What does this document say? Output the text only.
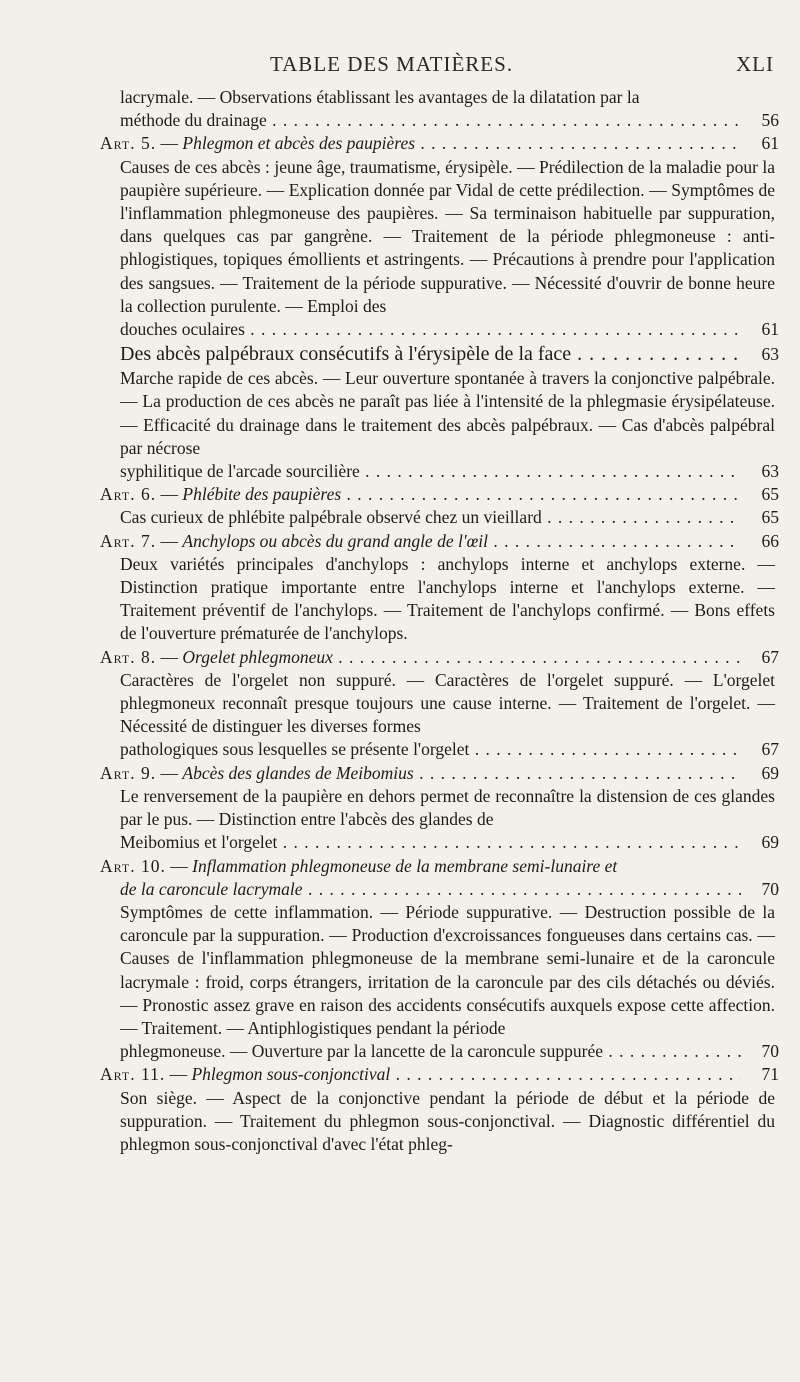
TABLE DES MATIÈRES.	XLI
lacrymale. — Observations établissant les avantages de la dilatation par la
méthode du drainage . . .	56
Art. 5. — Phlegmon et abcès des paupières . . .	61
Causes de ces abcès : jeune âge, traumatisme, érysipèle. — Prédilection de la maladie pour la paupière supérieure. — Explication donnée par Vidal de cette prédilection. — Symptômes de l'inflammation phlegmoneuse des paupières. — Sa terminaison habituelle par suppuration, dans quelques cas par gangrène. — Traitement de la période phlegmoneuse : anti-phlogistiques, topiques émollients et astringents. — Précautions à prendre pour l'application des sangsues. — Traitement de la période suppurative. — Nécessité d'ouvrir de bonne heure la collection purulente. — Emploi des
douches oculaires . . .	61
Des abcès palpébraux consécutifs à l'érysipèle de la face . . .	63
Marche rapide de ces abcès. — Leur ouverture spontanée à travers la conjonctive palpébrale. — La production de ces abcès ne paraît pas liée à l'intensité de la phlegmasie érysipélateuse. — Efficacité du drainage dans le traitement des abcès palpébraux. — Cas d'abcès palpébral par nécrose
syphilitique de l'arcade sourcilière . . .	63
Art. 6. — Phlébite des paupières . . .	65
Cas curieux de phlébite palpébrale observé chez un vieillard . . .	65
Art. 7. — Anchylops ou abcès du grand angle de l'œil . . .	66
Deux variétés principales d'anchylops : anchylops interne et anchylops externe. — Distinction pratique importante entre l'anchylops interne et l'anchylops externe. — Traitement préventif de l'anchylops. — Traitement de l'anchylops confirmé. — Bons effets de l'ouverture prématurée de l'anchylops.
Art. 8. — Orgelet phlegmoneux . . .	67
Caractères de l'orgelet non suppuré. — Caractères de l'orgelet suppuré. — L'orgelet phlegmoneux reconnaît presque toujours une cause interne. — Traitement de l'orgelet. — Nécessité de distinguer les diverses formes
pathologiques sous lesquelles se présente l'orgelet . . .	67
Art. 9. — Abcès des glandes de Meibomius . . .	69
Le renversement de la paupière en dehors permet de reconnaître la distension de ces glandes par le pus. — Distinction entre l'abcès des glandes de
Meibomius et l'orgelet . . .	69
Art. 10. — Inflammation phlegmoneuse de la membrane semi-lunaire et
de la caroncule lacrymale . . .	70
Symptômes de cette inflammation. — Période suppurative. — Destruction possible de la caroncule par la suppuration. — Production d'excroissances fongueuses dans certains cas. — Causes de l'inflammation phlegmoneuse de la membrane semi-lunaire et de la caroncule lacrymale : froid, corps étrangers, irritation de la caroncule par des cils détachés ou déviés. — Pronostic assez grave en raison des accidents consécutifs auxquels expose cette affection. — Traitement. — Antiphlogistiques pendant la période
phlegmoneuse. — Ouverture par la lancette de la caroncule suppurée . . .	70
Art. 11. — Phlegmon sous-conjonctival . . .	71
Son siège. — Aspect de la conjonctive pendant la période de début et la période de suppuration. — Traitement du phlegmon sous-conjonctival. — Diagnostic différentiel du phlegmon sous-conjonctival d'avec l'état phleg-
